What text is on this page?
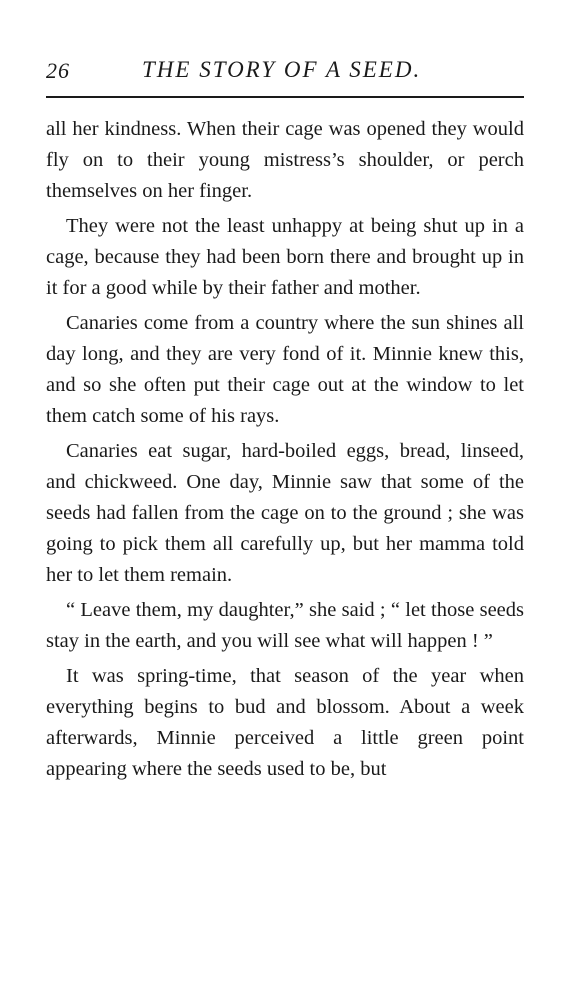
26	THE STORY OF A SEED.

all her kindness. When their cage was opened they would fly on to their young mistress’s shoulder, or perch themselves on her finger.

They were not the least unhappy at being shut up in a cage, because they had been born there and brought up in it for a good while by their father and mother.

Canaries come from a country where the sun shines all day long, and they are very fond of it. Minnie knew this, and so she often put their cage out at the window to let them catch some of his rays.

Canaries eat sugar, hard-boiled eggs, bread, linseed, and chickweed. One day, Minnie saw that some of the seeds had fallen from the cage on to the ground ; she was going to pick them all carefully up, but her mamma told her to let them remain.

“ Leave them, my daughter,” she said ; “ let those seeds stay in the earth, and you will see what will happen ! ”

It was spring-time, that season of the year when everything begins to bud and blossom. About a week afterwards, Minnie perceived a little green point appearing where the seeds used to be, but
